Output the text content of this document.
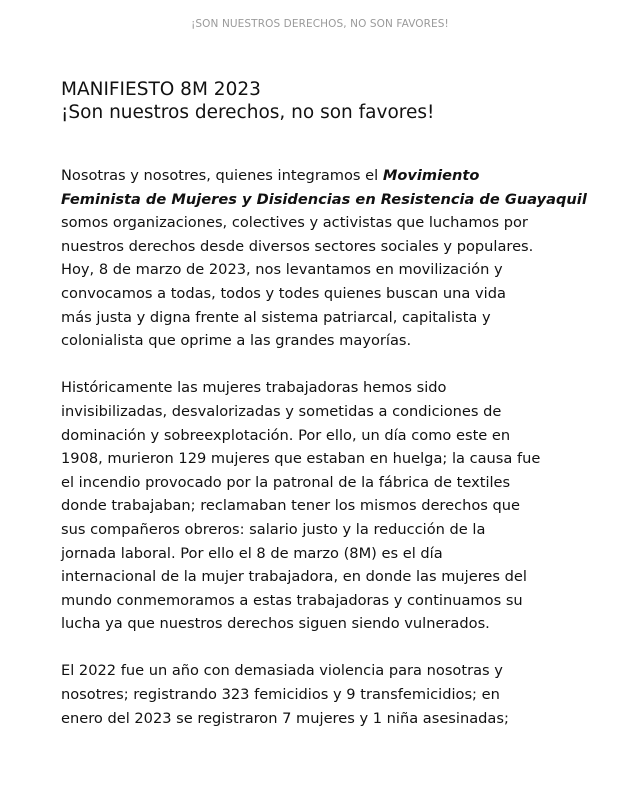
¡SON NUESTROS DERECHOS, NO SON FAVORES!
MANIFIESTO 8M 2023
¡Son nuestros derechos, no son favores!
Nosotras y nosotres, quienes integramos el Movimiento
Feminista de Mujeres y Disidencias en Resistencia de Guayaquil
somos organizaciones, colectives y activistas que luchamos por
nuestros derechos desde diversos sectores sociales y populares.
Hoy, 8 de marzo de 2023, nos levantamos en movilización y
convocamos a todas, todos y todes quienes buscan una vida
más justa y digna frente al sistema patriarcal, capitalista y
colonialista que oprime a las grandes mayorías.
Históricamente las mujeres trabajadoras hemos sido
invisibilizadas, desvalorizadas y sometidas a condiciones de
dominación y sobreexplotación. Por ello, un día como este en
1908, murieron 129 mujeres que estaban en huelga; la causa fue
el incendio provocado por la patronal de la fábrica de textiles
donde trabajaban; reclamaban tener los mismos derechos que
sus compañeros obreros: salario justo y la reducción de la
jornada laboral. Por ello el 8 de marzo (8M) es el día
internacional de la mujer trabajadora, en donde las mujeres del
mundo conmemoramos a estas trabajadoras y continuamos su
lucha ya que nuestros derechos siguen siendo vulnerados.
El 2022 fue un año con demasiada violencia para nosotras y
nosotres; registrando 323 femicidios y 9 transfemicidios; en
enero del 2023 se registraron 7 mujeres y 1 niña asesinadas;
